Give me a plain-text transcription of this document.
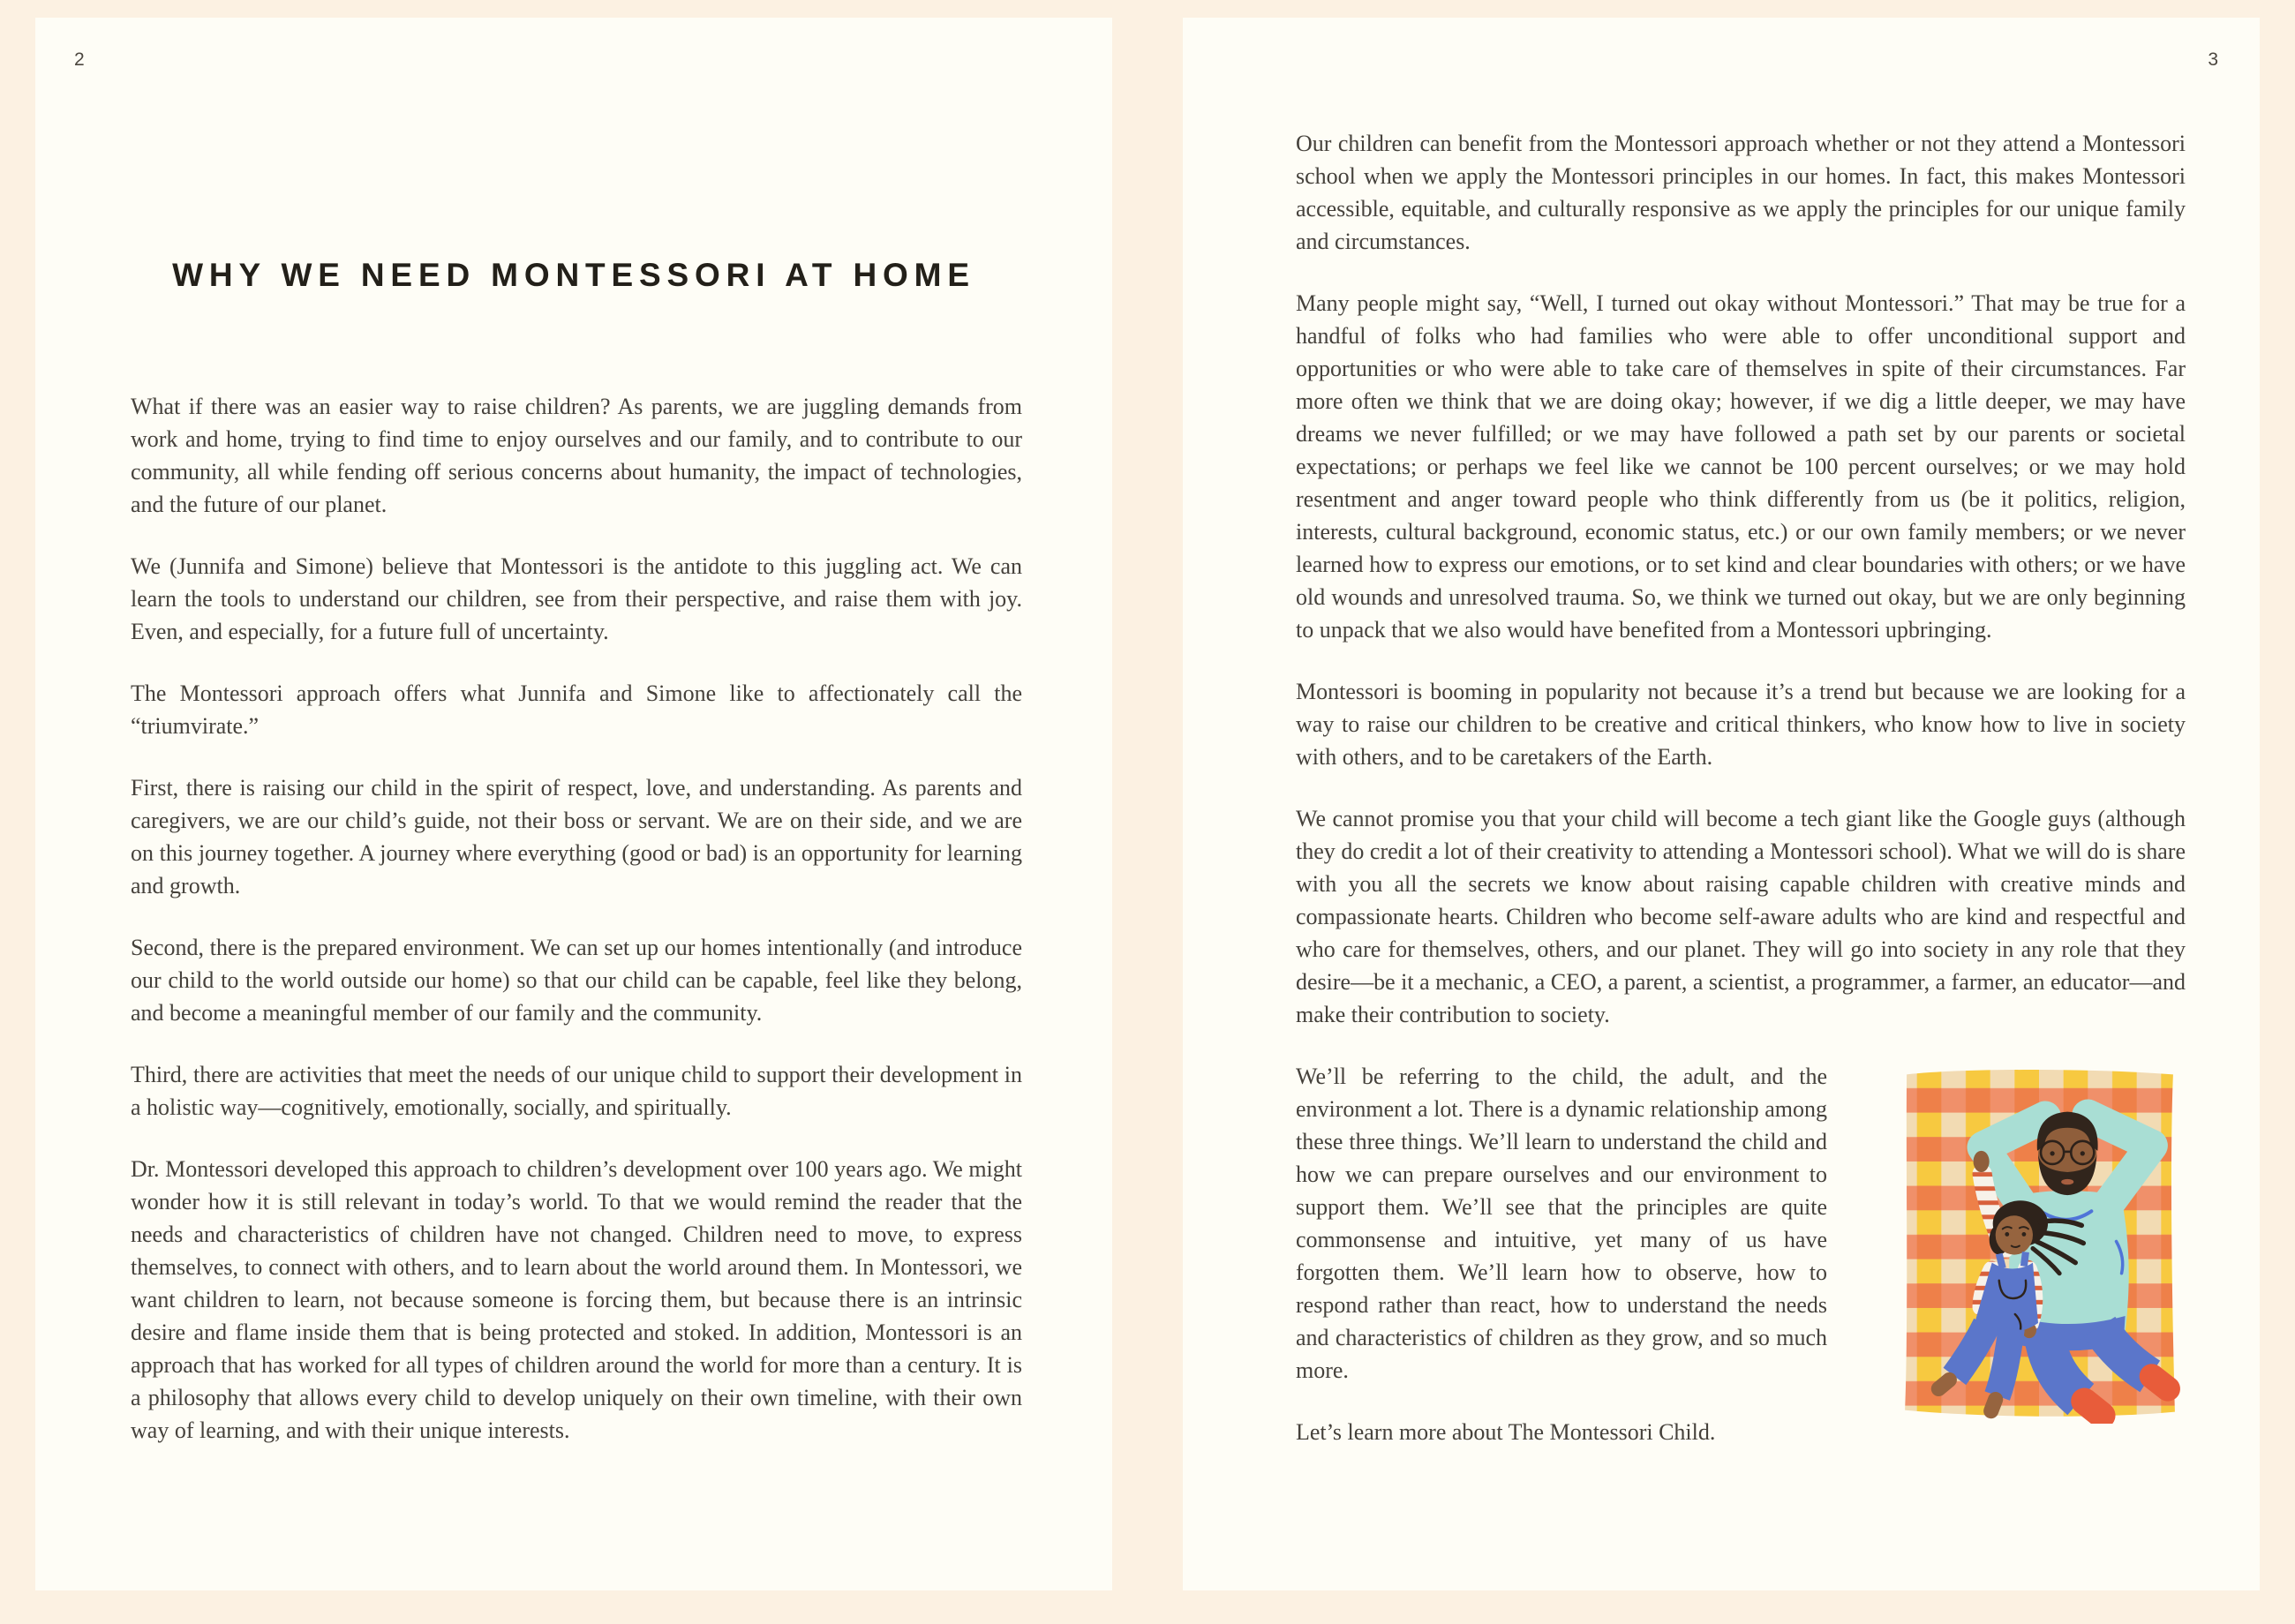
2
WHY WE NEED MONTESSORI AT HOME

What if there was an easier way to raise children? As parents, we are juggling demands from work and home, trying to find time to enjoy ourselves and our family, and to contribute to our community, all while fending off serious concerns about humanity, the impact of technologies, and the future of our planet.

We (Junnifa and Simone) believe that Montessori is the antidote to this juggling act. We can learn the tools to understand our children, see from their perspective, and raise them with joy. Even, and especially, for a future full of uncertainty.

The Montessori approach offers what Junnifa and Simone like to affectionately call the “triumvirate.”

First, there is raising our child in the spirit of respect, love, and understanding. As parents and caregivers, we are our child’s guide, not their boss or servant. We are on their side, and we are on this journey together. A journey where everything (good or bad) is an opportunity for learning and growth.

Second, there is the prepared environment. We can set up our homes intentionally (and introduce our child to the world outside our home) so that our child can be capable, feel like they belong, and become a meaningful member of our family and the community.

Third, there are activities that meet the needs of our unique child to support their development in a holistic way—cognitively, emotionally, socially, and spiritually.

Dr. Montessori developed this approach to children’s development over 100 years ago. We might wonder how it is still relevant in today’s world. To that we would remind the reader that the needs and characteristics of children have not changed. Children need to move, to express themselves, to connect with others, and to learn about the world around them. In Montessori, we want children to learn, not because someone is forcing them, but because there is an intrinsic desire and flame inside them that is being protected and stoked. In addition, Montessori is an approach that has worked for all types of children around the world for more than a century. It is a philosophy that allows every child to develop uniquely on their own timeline, with their own way of learning, and with their unique interests.

3

Our children can benefit from the Montessori approach whether or not they attend a Montessori school when we apply the Montessori principles in our homes. In fact, this makes Montessori accessible, equitable, and culturally responsive as we apply the principles for our unique family and circumstances.

Many people might say, “Well, I turned out okay without Montessori.” That may be true for a handful of folks who had families who were able to offer unconditional support and opportunities or who were able to take care of themselves in spite of their circumstances. Far more often we think that we are doing okay; however, if we dig a little deeper, we may have dreams we never fulfilled; or we may have followed a path set by our parents or societal expectations; or perhaps we feel like we cannot be 100 percent ourselves; or we may hold resentment and anger toward people who think differently from us (be it politics, religion, interests, cultural background, economic status, etc.) or our own family members; or we never learned how to express our emotions, or to set kind and clear boundaries with others; or we have old wounds and unresolved trauma. So, we think we turned out okay, but we are only beginning to unpack that we also would have benefited from a Montessori upbringing.

Montessori is booming in popularity not because it’s a trend but because we are looking for a way to raise our children to be creative and critical thinkers, who know how to live in society with others, and to be caretakers of the Earth.

We cannot promise you that your child will become a tech giant like the Google guys (although they do credit a lot of their creativity to attending a Montessori school). What we will do is share with you all the secrets we know about raising capable children with creative minds and compassionate hearts. Children who become self-aware adults who are kind and respectful and who care for themselves, others, and our planet. They will go into society in any role that they desire—be it a mechanic, a CEO, a parent, a scientist, a programmer, a farmer, an educator—and make their contribution to society.

We’ll be referring to the child, the adult, and the environment a lot. There is a dynamic relationship among these three things. We’ll learn to understand the child and how we can prepare ourselves and our environment to support them. We’ll see that the principles are quite commonsense and intuitive, yet many of us have forgotten them. We’ll learn how to observe, how to respond rather than react, how to understand the needs and characteristics of children as they grow, and so much more.

Let’s learn more about The Montessori Child.
